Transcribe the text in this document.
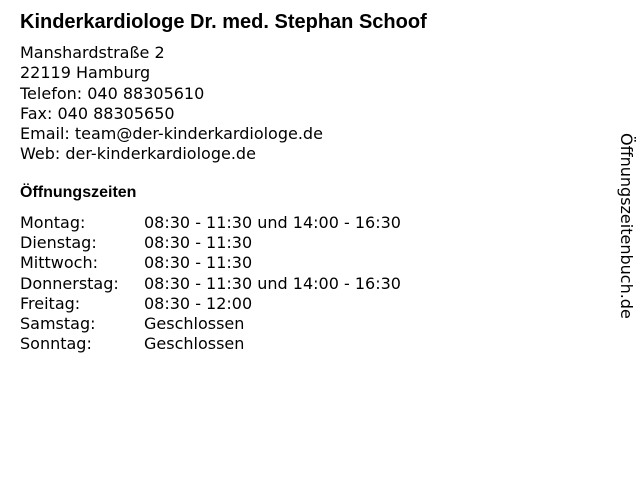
Kinderkardiologe Dr. med. Stephan Schoof
Manshardstraße 2
22119 Hamburg
Telefon: 040 88305610
Fax: 040 88305650
Email: team@der-kinderkardiologe.de
Web: der-kinderkardiologe.de
Öffnungszeiten
Montag:	08:30 - 11:30 und 14:00 - 16:30
Dienstag:	08:30 - 11:30
Mittwoch:	08:30 - 11:30
Donnerstag: 08:30 - 11:30 und 14:00 - 16:30
Freitag:	08:30 - 12:00
Samstag:	Geschlossen
Sonntag:	Geschlossen
Öffnungszeitenbuch.de
